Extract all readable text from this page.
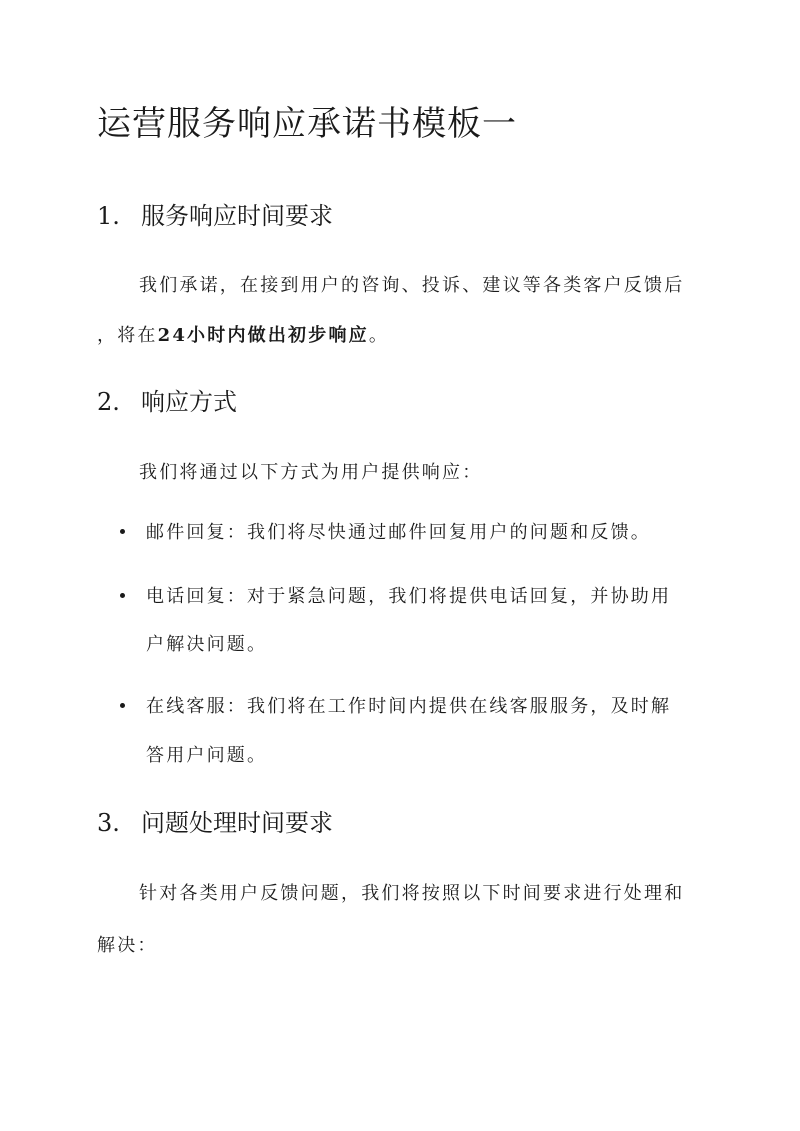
运营服务响应承诺书模板一
1. 服务响应时间要求

我们承诺，在接到用户的咨询、投诉、建议等各类客户反馈后

，将在24小时内做出初步响应。

2. 响应方式

我们将通过以下方式为用户提供响应：

邮件回复：我们将尽快通过邮件回复用户的问题和反馈。

电话回复：对于紧急问题，我们将提供电话回复，并协助用

户解决问题。

在线客服：我们将在工作时间内提供在线客服服务，及时解

答用户问题。

3. 问题处理时间要求

针对各类用户反馈问题，我们将按照以下时间要求进行处理和

解决：
